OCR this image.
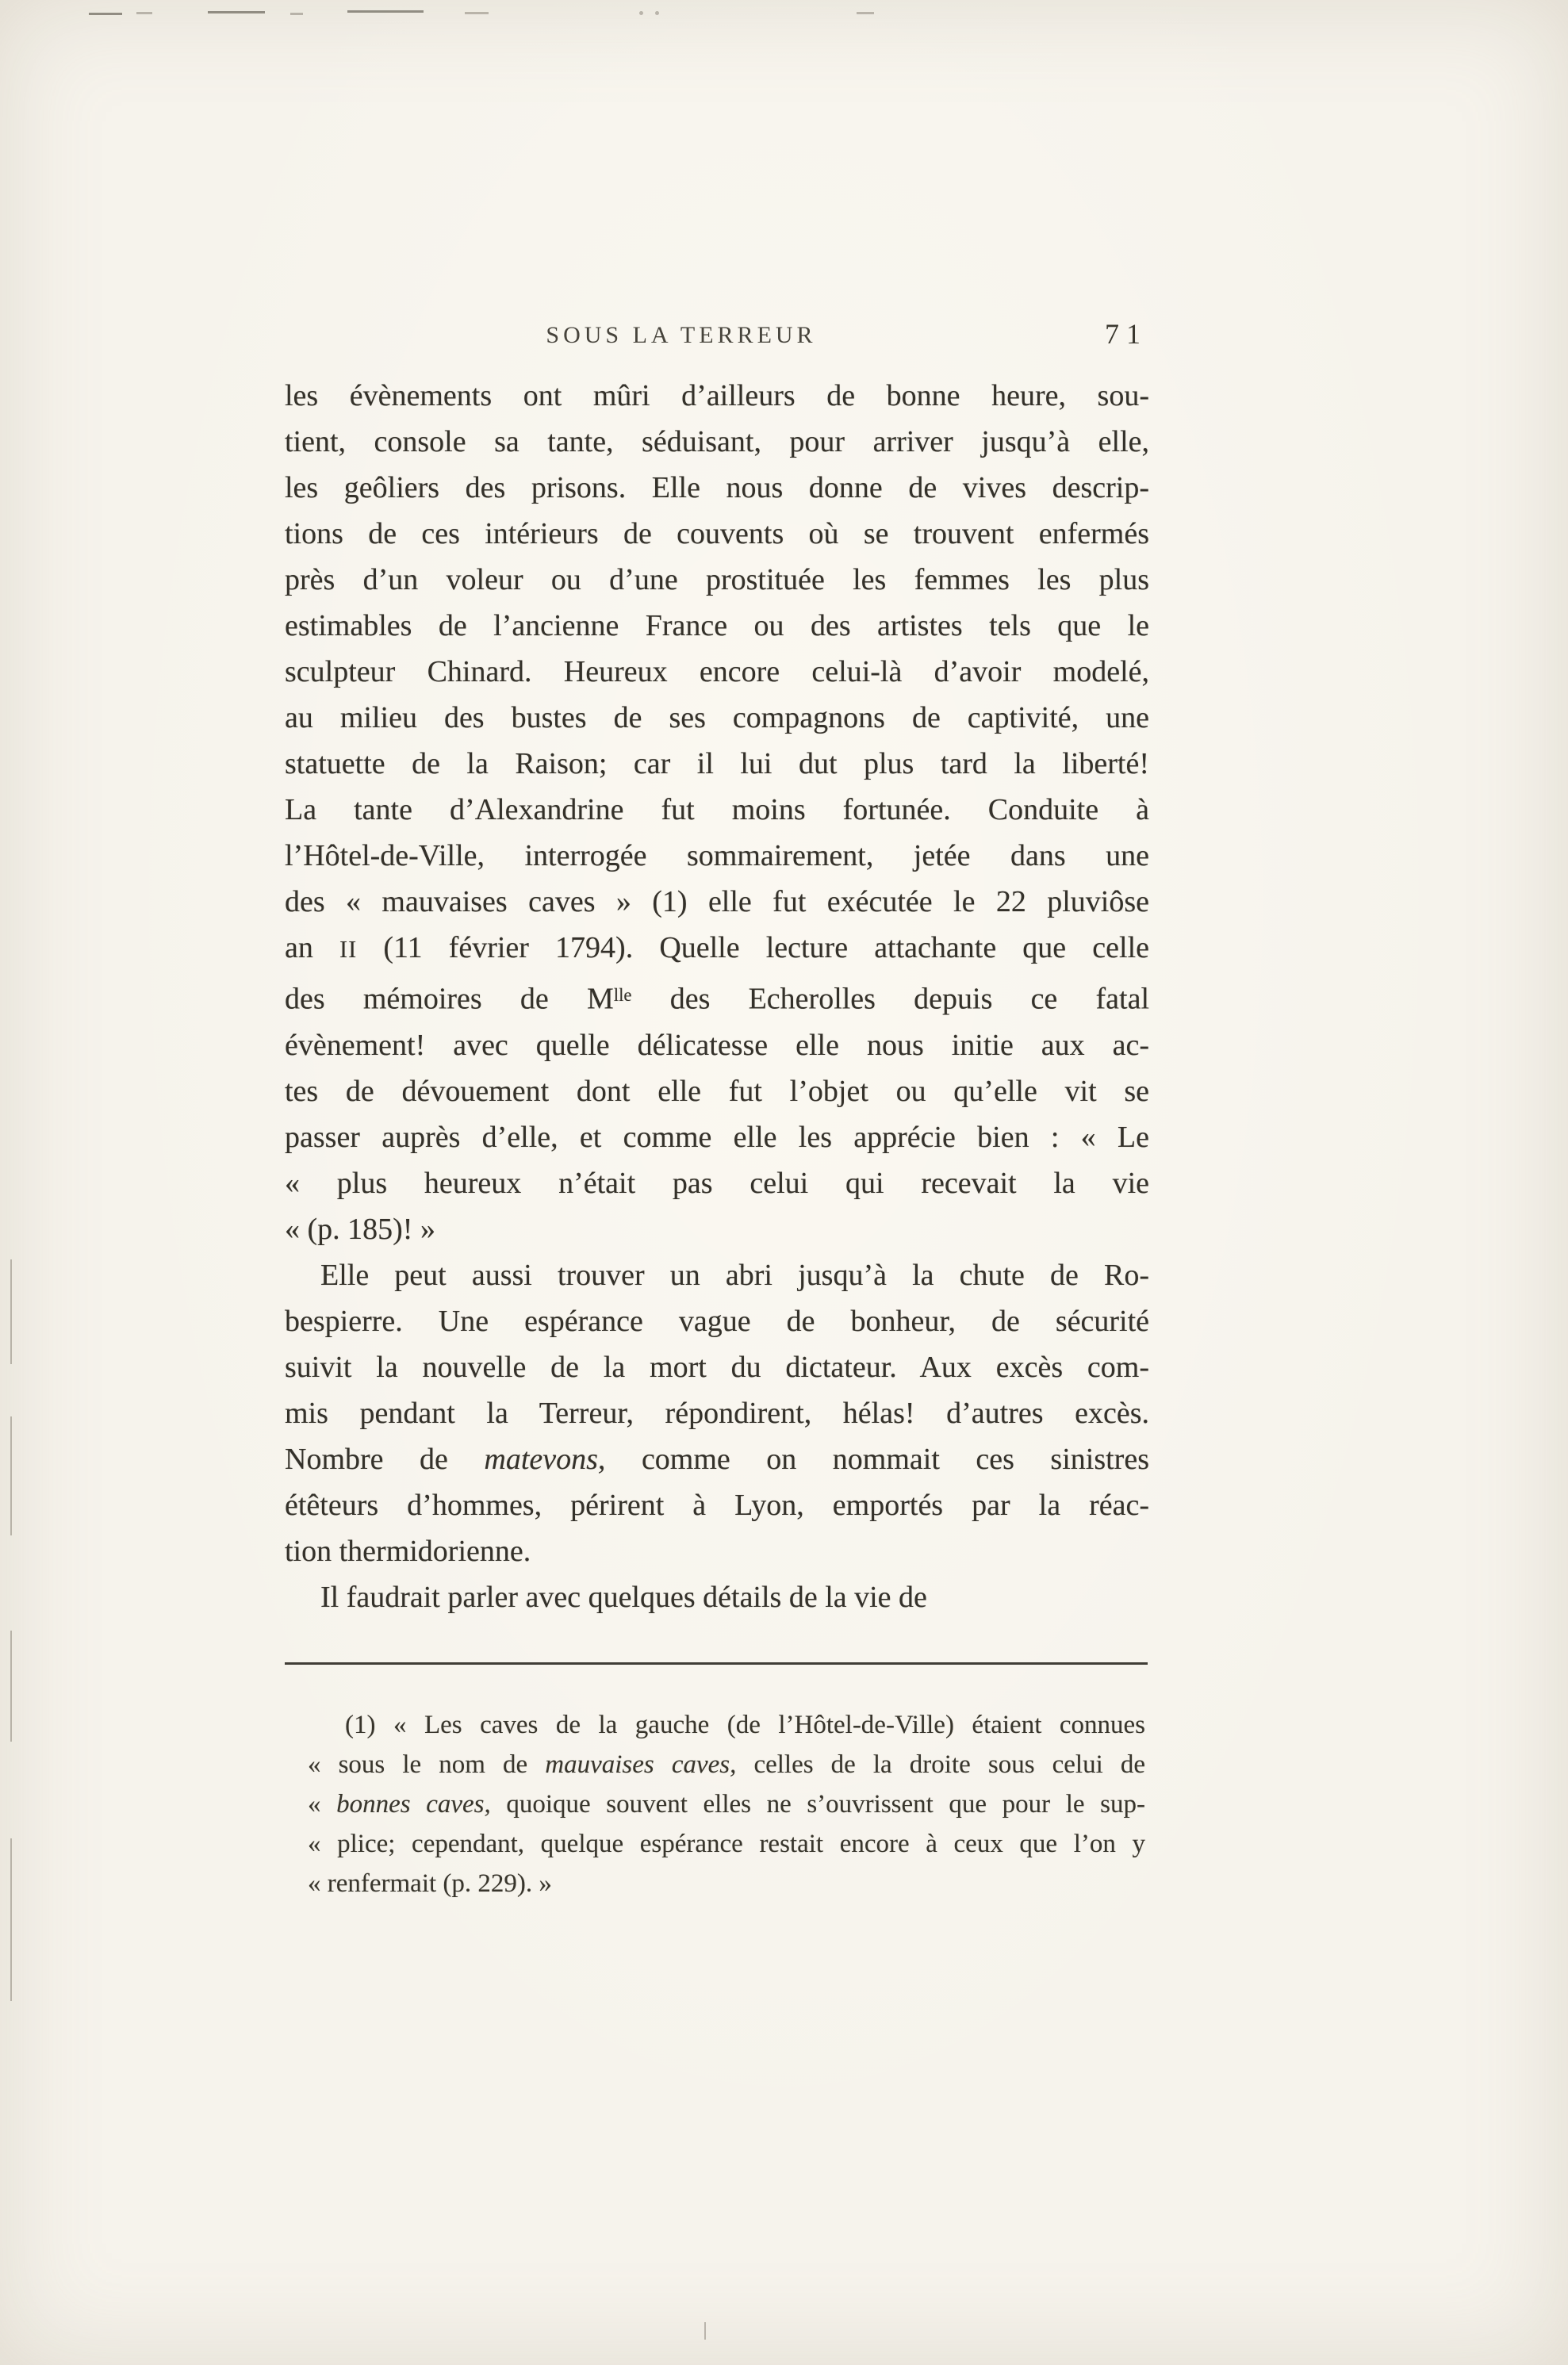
SOUS LA TERREUR	71
les évènements ont mûri d’ailleurs de bonne heure, sou-
tient, console sa tante, séduisant, pour arriver jusqu’à elle,
les geôliers des prisons. Elle nous donne de vives descrip-
tions de ces intérieurs de couvents où se trouvent enfermés
près d’un voleur ou d’une prostituée les femmes les plus
estimables de l’ancienne France ou des artistes tels que le
sculpteur Chinard. Heureux encore celui-là d’avoir modelé,
au milieu des bustes de ses compagnons de captivité, une
statuette de la Raison; car il lui dut plus tard la liberté!
La tante d’Alexandrine fut moins fortunée. Conduite à
l’Hôtel-de-Ville, interrogée sommairement, jetée dans une
des « mauvaises caves » (1) elle fut exécutée le 22 pluviôse
an II (11 février 1794). Quelle lecture attachante que celle
des mémoires de $M^{lle}$ des Echerolles depuis ce fatal
évènement! avec quelle délicatesse elle nous initie aux ac-
tes de dévouement dont elle fut l’objet ou qu’elle vit se
passer auprès d’elle, et comme elle les apprécie bien : « Le
« plus heureux n’était pas celui qui recevait la vie
« (p. 185)! »
Elle peut aussi trouver un abri jusqu’à la chute de Ro-
bespierre. Une espérance vague de bonheur, de sécurité
suivit la nouvelle de la mort du dictateur. Aux excès com-
mis pendant la Terreur, répondirent, hélas! d’autres excès.
Nombre de matevons, comme on nommait ces sinistres
étêteurs d’hommes, périrent à Lyon, emportés par la réac-
tion thermidorienne.
Il faudrait parler avec quelques détails de la vie de
(1) « Les caves de la gauche (de l’Hôtel-de-Ville) étaient connues
« sous le nom de mauvaises caves, celles de la droite sous celui de
« bonnes caves, quoique souvent elles ne s’ouvrissent que pour le sup-
« plice; cependant, quelque espérance restait encore à ceux que l’on y
« renfermait (p. 229). »
